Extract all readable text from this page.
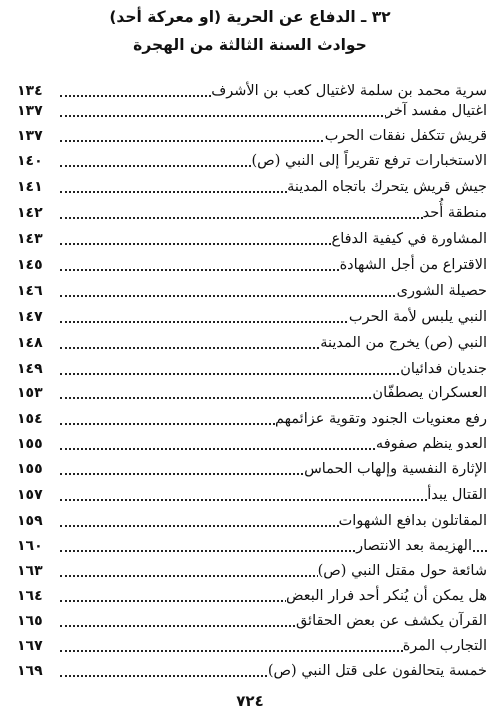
٣٢ ـ الدفاع عن الحرية (او معركة أحد)
حوادث السنة الثالثة من الهجرة
سرية محمد بن سلمة لاغتيال كعب بن الأشرف
١٣٤
اغتيال مفسد آخر
١٣٧
قريش تتكفل نفقات الحرب
١٣٧
الاستخبارات ترفع تقريراً إلى النبي (ص)
١٤٠
جيش قريش يتحرك باتجاه المدينة
١٤١
منطقة أُحد
١٤٢
المشاورة في كيفية الدفاع
١٤٣
الاقتراع من أجل الشهادة
١٤٥
حصيلة الشورى
١٤٦
النبي يلبس لأمة الحرب
١٤٧
النبي (ص) يخرج من المدينة
١٤٨
جنديان فدائيان
١٤٩
العسكران يصطفّان
١٥٣
رفع معنويات الجنود وتقوية عزائمهم
١٥٤
العدو ينظم صفوفه
١٥٥
الإثارة النفسية وإلهاب الحماس
١٥٥
القتال يبدأ
١٥٧
المقاتلون بدافع الشهوات
١٥٩
الهزيمة بعد الانتصار
١٦٠
شائعة حول مقتل النبي (ص)
١٦٣
هل يمكن أن يُنكر أحد فرار البعض
١٦٤
القرآن يكشف عن بعض الحقائق
١٦٥
التجارب المرة
١٦٧
خمسة يتحالفون على قتل النبي (ص)
١٦٩
٧٢٤
